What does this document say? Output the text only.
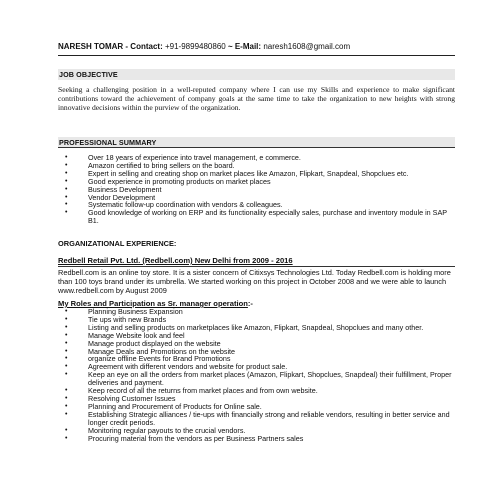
NARESH TOMAR - Contact: +91-9899480860 ~ E-Mail: naresh1608@gmail.com
JOB OBJECTIVE
Seeking a challenging position in a well-reputed company where I can use my Skills and experience to make significant contributions toward the achievement of company goals at the same time to take the organization to new heights with strong innovative decisions within the purview of the organization.
PROFESSIONAL SUMMARY
•	Over 18 years of experience into travel management, e commerce.
•	Amazon certified to bring sellers on the board.
•	Expert in selling and creating shop on market places like Amazon, Flipkart, Snapdeal, Shopclues etc.
•	Good experience in promoting products on market places
•	Business Development
•	Vendor Development
•	Systematic follow-up coordination with vendors & colleagues.
•	Good knowledge of working on ERP and its functionality especially sales, purchase and inventory module in SAP B1.
ORGANIZATIONAL EXPERIENCE:
Redbell Retail Pvt. Ltd. (Redbell.com) New Delhi from 2009 - 2016
Redbell.com is an online toy store. It is a sister concern of Citixsys Technologies Ltd. Today Redbell.com is holding more than 100 toys brand under its umbrella. We started working on this project in October 2008 and we were able to launch www.redbell.com by August 2009
My Roles and Participation as Sr. manager operation:-
•	Planning Business Expansion
•	Tie ups with new Brands
•	Listing and selling products on marketplaces like Amazon, Flipkart, Snapdeal, Shopclues and many other.
•	Manage Website look and feel
•	Manage product displayed on the website
•	Manage Deals and Promotions on the website
•	organize offline Events for Brand Promotions
•	Agreement with different vendors and website for product sale.
•	Keep an eye on all the orders from market places (Amazon, Flipkart, Shopclues, Snapdeal) their fulfillment, Proper deliveries and payment.
•	Keep record of all the returns from market places and from own website.
•	Resolving Customer Issues
•	Planning and Procurement of Products for Online sale.
•	Establishing Strategic alliances / tie-ups with financially strong and reliable vendors, resulting in better service and longer credit periods.
•	Monitoring regular payouts to the crucial vendors.
•	Procuring material from the vendors as per Business Partners sales
